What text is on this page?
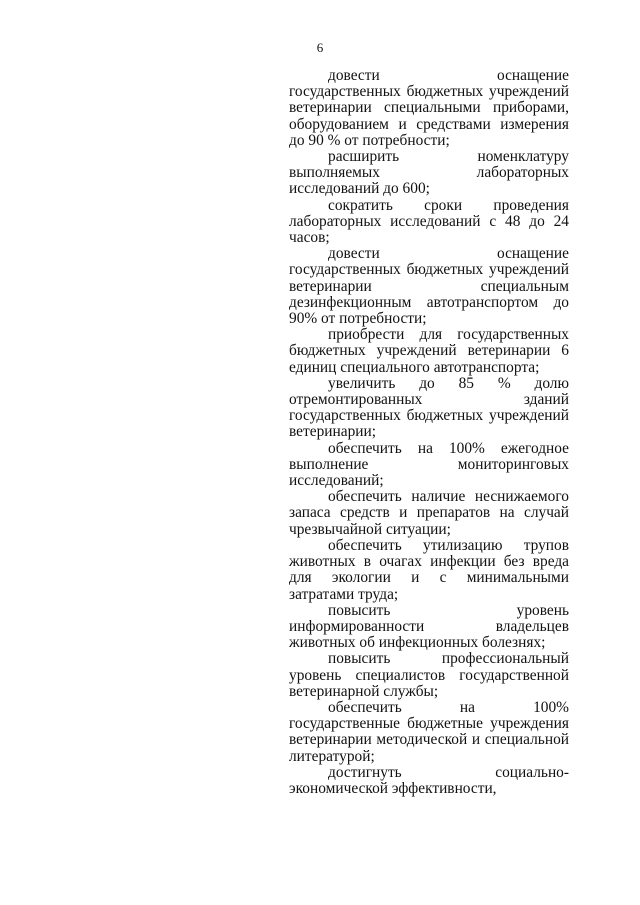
6

довести оснащение государственных бюджетных учреждений ветеринарии специальными приборами, оборудованием и средствами измерения до 90 % от потребности;

расширить номенклатуру выполняемых лабораторных исследований до 600;

сократить сроки проведения лабораторных исследований с 48 до 24 часов;

довести оснащение государственных бюджетных учреждений ветеринарии специальным дезинфекционным автотранспортом до 90% от потребности;

приобрести для государственных бюджетных учреждений ветеринарии 6 единиц специального автотранспорта;

увеличить до 85 % долю отремонтированных зданий государственных бюджетных учреждений ветеринарии;

обеспечить на 100% ежегодное выполнение мониторинговых исследований;

обеспечить наличие неснижаемого запаса средств и препаратов на случай чрезвычайной ситуации;

обеспечить утилизацию трупов животных в очагах инфекции без вреда для экологии и с минимальными затратами труда;

повысить уровень информированности владельцев животных об инфекционных болезнях;

повысить профессиональный уровень специалистов государственной ветеринарной службы;

обеспечить на 100% государственные бюджетные учреждения ветеринарии методической и специальной литературой;

достигнуть социально-экономической эффективности,
